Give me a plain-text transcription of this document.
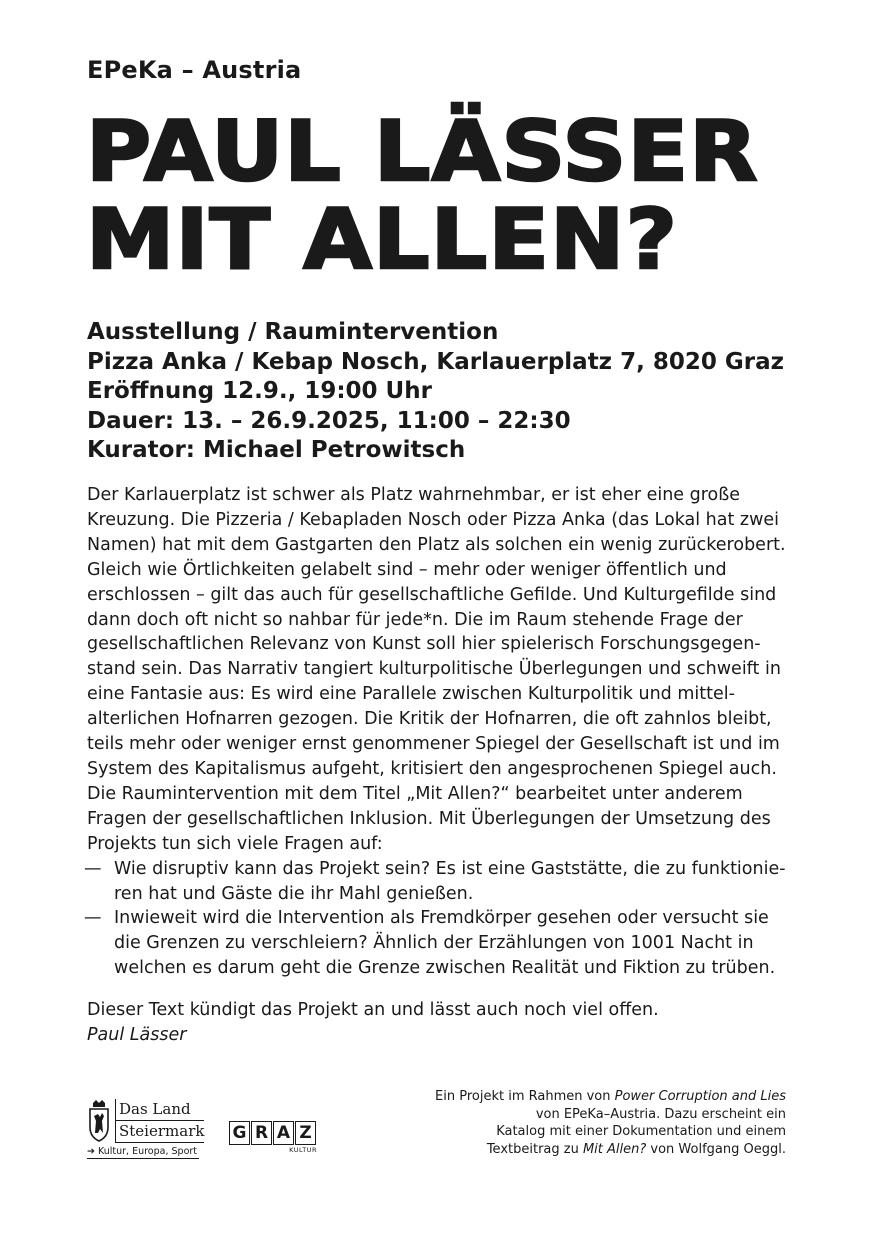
EPeKa – Austria
PAUL LÄSSER
MIT ALLEN?
Ausstellung / Raumintervention
Pizza Anka / Kebap Nosch, Karlauerplatz 7, 8020 Graz
Eröffnung 12.9., 19:00 Uhr
Dauer: 13. – 26.9.2025, 11:00 – 22:30
Kurator: Michael Petrowitsch

Der Karlauerplatz ist schwer als Platz wahrnehmbar, er ist eher eine große Kreuzung. Die Pizzeria / Kebapladen Nosch oder Pizza Anka (das Lokal hat zwei Namen) hat mit dem Gastgarten den Platz als solchen ein wenig zurückerobert. Gleich wie Örtlichkeiten gelabelt sind – mehr oder weniger öffentlich und erschlossen – gilt das auch für gesellschaftliche Gefilde. Und Kulturgefilde sind dann doch oft nicht so nahbar für jede*n. Die im Raum stehende Frage der gesellschaftlichen Relevanz von Kunst soll hier spielerisch Forschungsgegenstand sein. Das Narrativ tangiert kulturpolitische Überlegungen und schweift in eine Fantasie aus: Es wird eine Parallele zwischen Kulturpolitik und mittelalterlichen Hofnarren gezogen. Die Kritik der Hofnarren, die oft zahnlos bleibt, teils mehr oder weniger ernst genommener Spiegel der Gesellschaft ist und im System des Kapitalismus aufgeht, kritisiert den angesprochenen Spiegel auch. Die Raumintervention mit dem Titel „Mit Allen?“ bearbeitet unter anderem Fragen der gesellschaftlichen Inklusion. Mit Überlegungen der Umsetzung des Projekts tun sich viele Fragen auf:

— Wie disruptiv kann das Projekt sein? Es ist eine Gaststätte, die zu funktionieren hat und Gäste die ihr Mahl genießen.
— Inwieweit wird die Intervention als Fremdkörper gesehen oder versucht sie die Grenzen zu verschleiern? Ähnlich der Erzählungen von 1001 Nacht in welchen es darum geht die Grenze zwischen Realität und Fiktion zu trüben.
Dieser Text kündigt das Projekt an und lässt auch noch viel offen.
Paul Lässer
Das Land
Steiermark
➔ Kultur, Europa, Sport
G R A Z
KULTUR
Ein Projekt im Rahmen von Power Corruption and Lies
von EPeKa–Austria. Dazu erscheint ein
Katalog mit einer Dokumentation und einem
Textbeitrag zu Mit Allen? von Wolfgang Oeggl.
